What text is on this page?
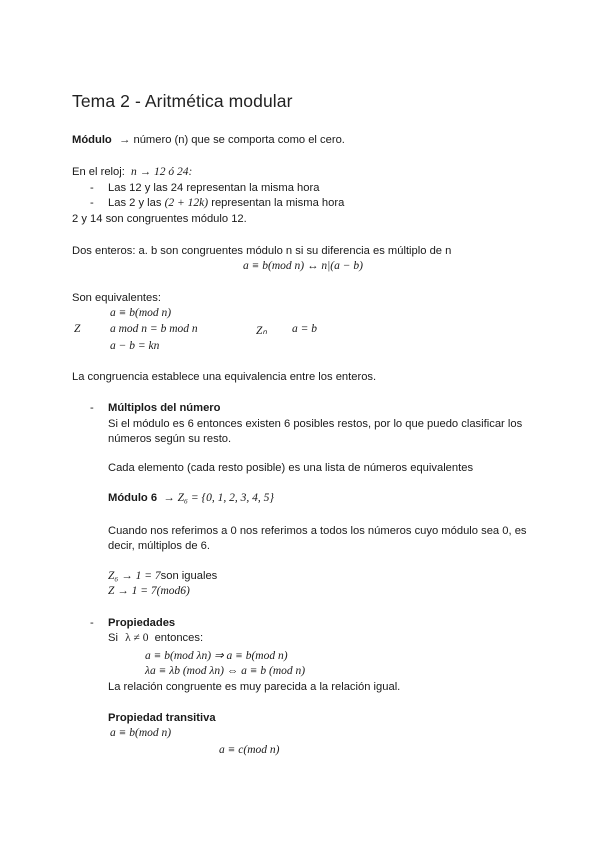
Tema 2 - Aritmética modular
Módulo → número (n) que se comporta como el cero.
En el reloj: n → 12 ó 24:
- Las 12 y las 24 representan la misma hora
- Las 2 y las (2 + 12k) representan la misma hora
2 y 14 son congruentes módulo 12.
Dos enteros: a. b son congruentes módulo n si su diferencia es múltiplo de n
a ≡ b(mod n) ↔ n|(a − b)
Son equivalentes:
a ≡ b(mod n)
Z	a mod n = b mod n	Zₙ a = b
a − b = kn
La congruencia establece una equivalencia entre los enteros.
- Múltiplos del número
Si el módulo es 6 entonces existen 6 posibles restos, por lo que puedo clasificar los números según su resto.
Cada elemento (cada resto posible) es una lista de números equivalentes
Módulo 6 → Z₆ = {0, 1, 2, 3, 4, 5}
Cuando nos referimos a 0 nos referimos a todos los números cuyo módulo sea 0, es decir, múltiplos de 6.
Z₆ → 1 = 7son iguales
Z → 1 = 7(mod6)
- Propiedades
Si λ ≠ 0 entonces:
a ≡ b(mod λn) ⇒ a ≡ b(mod n)
λa ≡ λb (mod λn) ⇔ a ≡ b (mod n)
La relación congruente es muy parecida a la relación igual.
Propiedad transitiva
a ≡ b(mod n)
a ≡ c(mod n)
